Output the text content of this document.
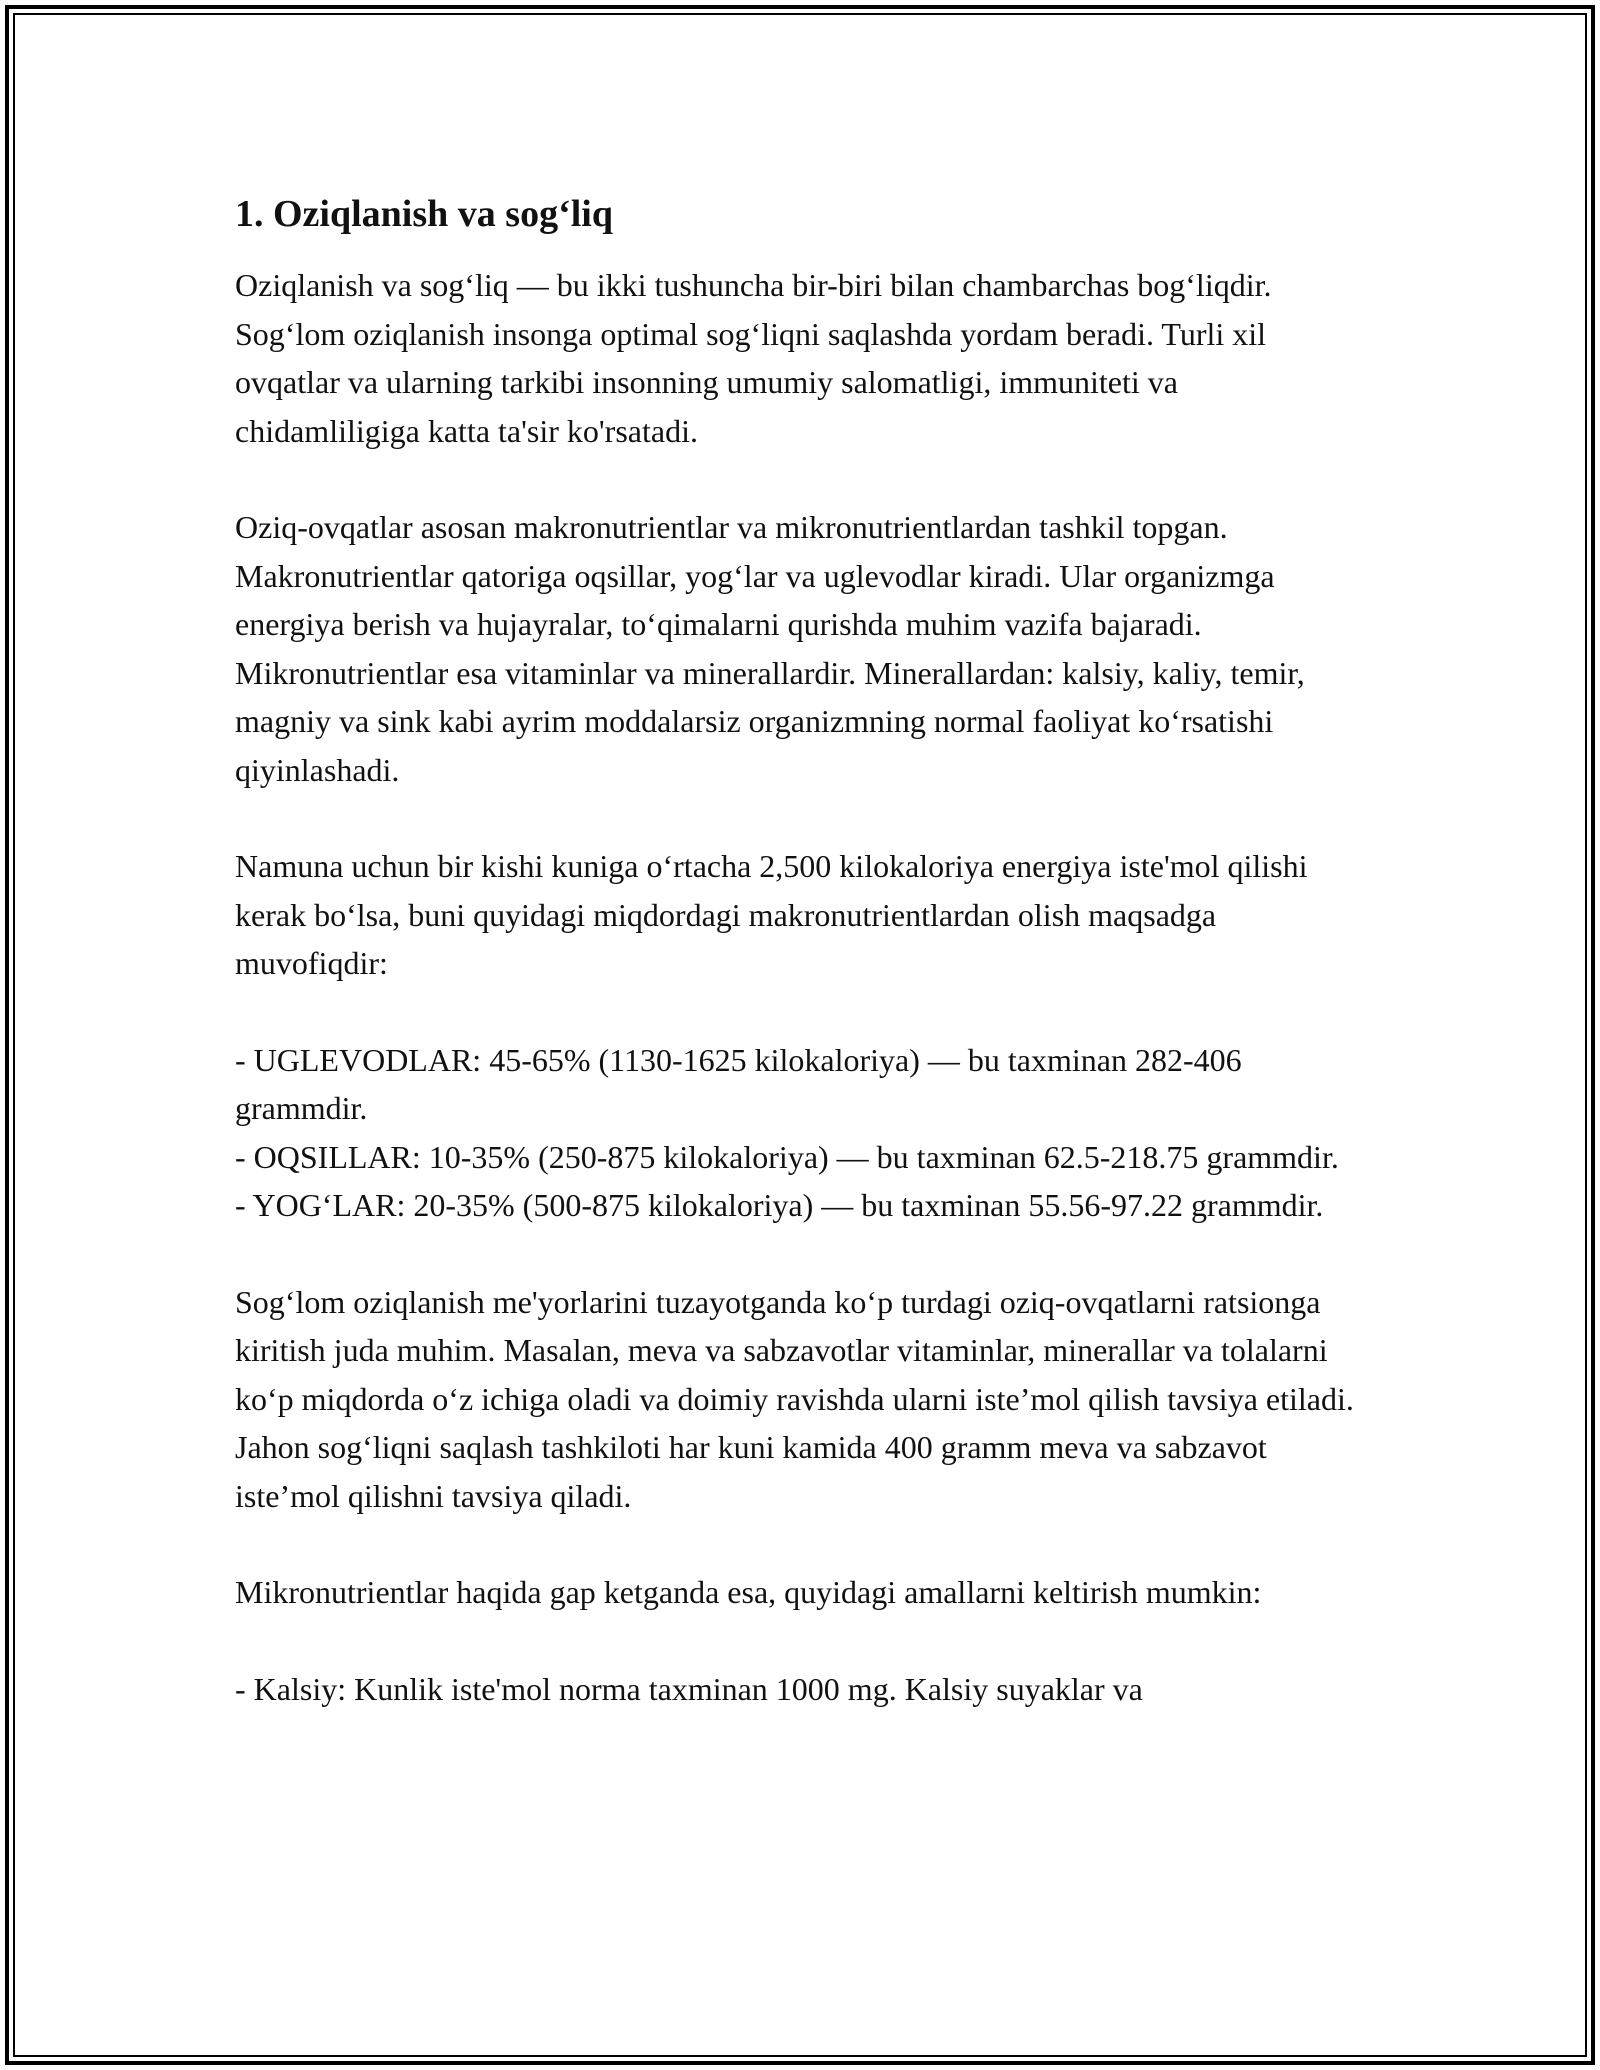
1. Oziqlanish va sog‘liq

Oziqlanish va sog‘liq — bu ikki tushuncha bir-biri bilan chambarchas bog‘liqdir. Sog‘lom oziqlanish insonga optimal sog‘liqni saqlashda yordam beradi. Turli xil ovqatlar va ularning tarkibi insonning umumiy salomatligi, immuniteti va chidamliligiga katta ta'sir ko'rsatadi.

Oziq-ovqatlar asosan makronutrientlar va mikronutrientlardan tashkil topgan. Makronutrientlar qatoriga oqsillar, yog‘lar va uglevodlar kiradi. Ular organizmga energiya berish va hujayralar, to‘qimalarni qurishda muhim vazifa bajaradi. Mikronutrientlar esa vitaminlar va minerallardir. Minerallardan: kalsiy, kaliy, temir, magniy va sink kabi ayrim moddalarsiz organizmning normal faoliyat ko‘rsatishi qiyinlashadi.

Namuna uchun bir kishi kuniga o‘rtacha 2,500 kilokaloriya energiya iste'mol qilishi kerak bo‘lsa, buni quyidagi miqdordagi makronutrientlardan olish maqsadga muvofiqdir:

- UGLEVODLAR: 45-65% (1130-1625 kilokaloriya) — bu taxminan 282-406 grammdir.
- OQSILLAR: 10-35% (250-875 kilokaloriya) — bu taxminan 62.5-218.75 grammdir.
- YOG‘LAR: 20-35% (500-875 kilokaloriya) — bu taxminan 55.56-97.22 grammdir.

Sog‘lom oziqlanish me'yorlarini tuzayotganda ko‘p turdagi oziq-ovqatlarni ratsionga kiritish juda muhim. Masalan, meva va sabzavotlar vitaminlar, minerallar va tolalarni ko‘p miqdorda o‘z ichiga oladi va doimiy ravishda ularni iste’mol qilish tavsiya etiladi. Jahon sog‘liqni saqlash tashkiloti har kuni kamida 400 gramm meva va sabzavot iste’mol qilishni tavsiya qiladi.

Mikronutrientlar haqida gap ketganda esa, quyidagi amallarni keltirish mumkin:

- Kalsiy: Kunlik iste'mol norma taxminan 1000 mg. Kalsiy suyaklar va
